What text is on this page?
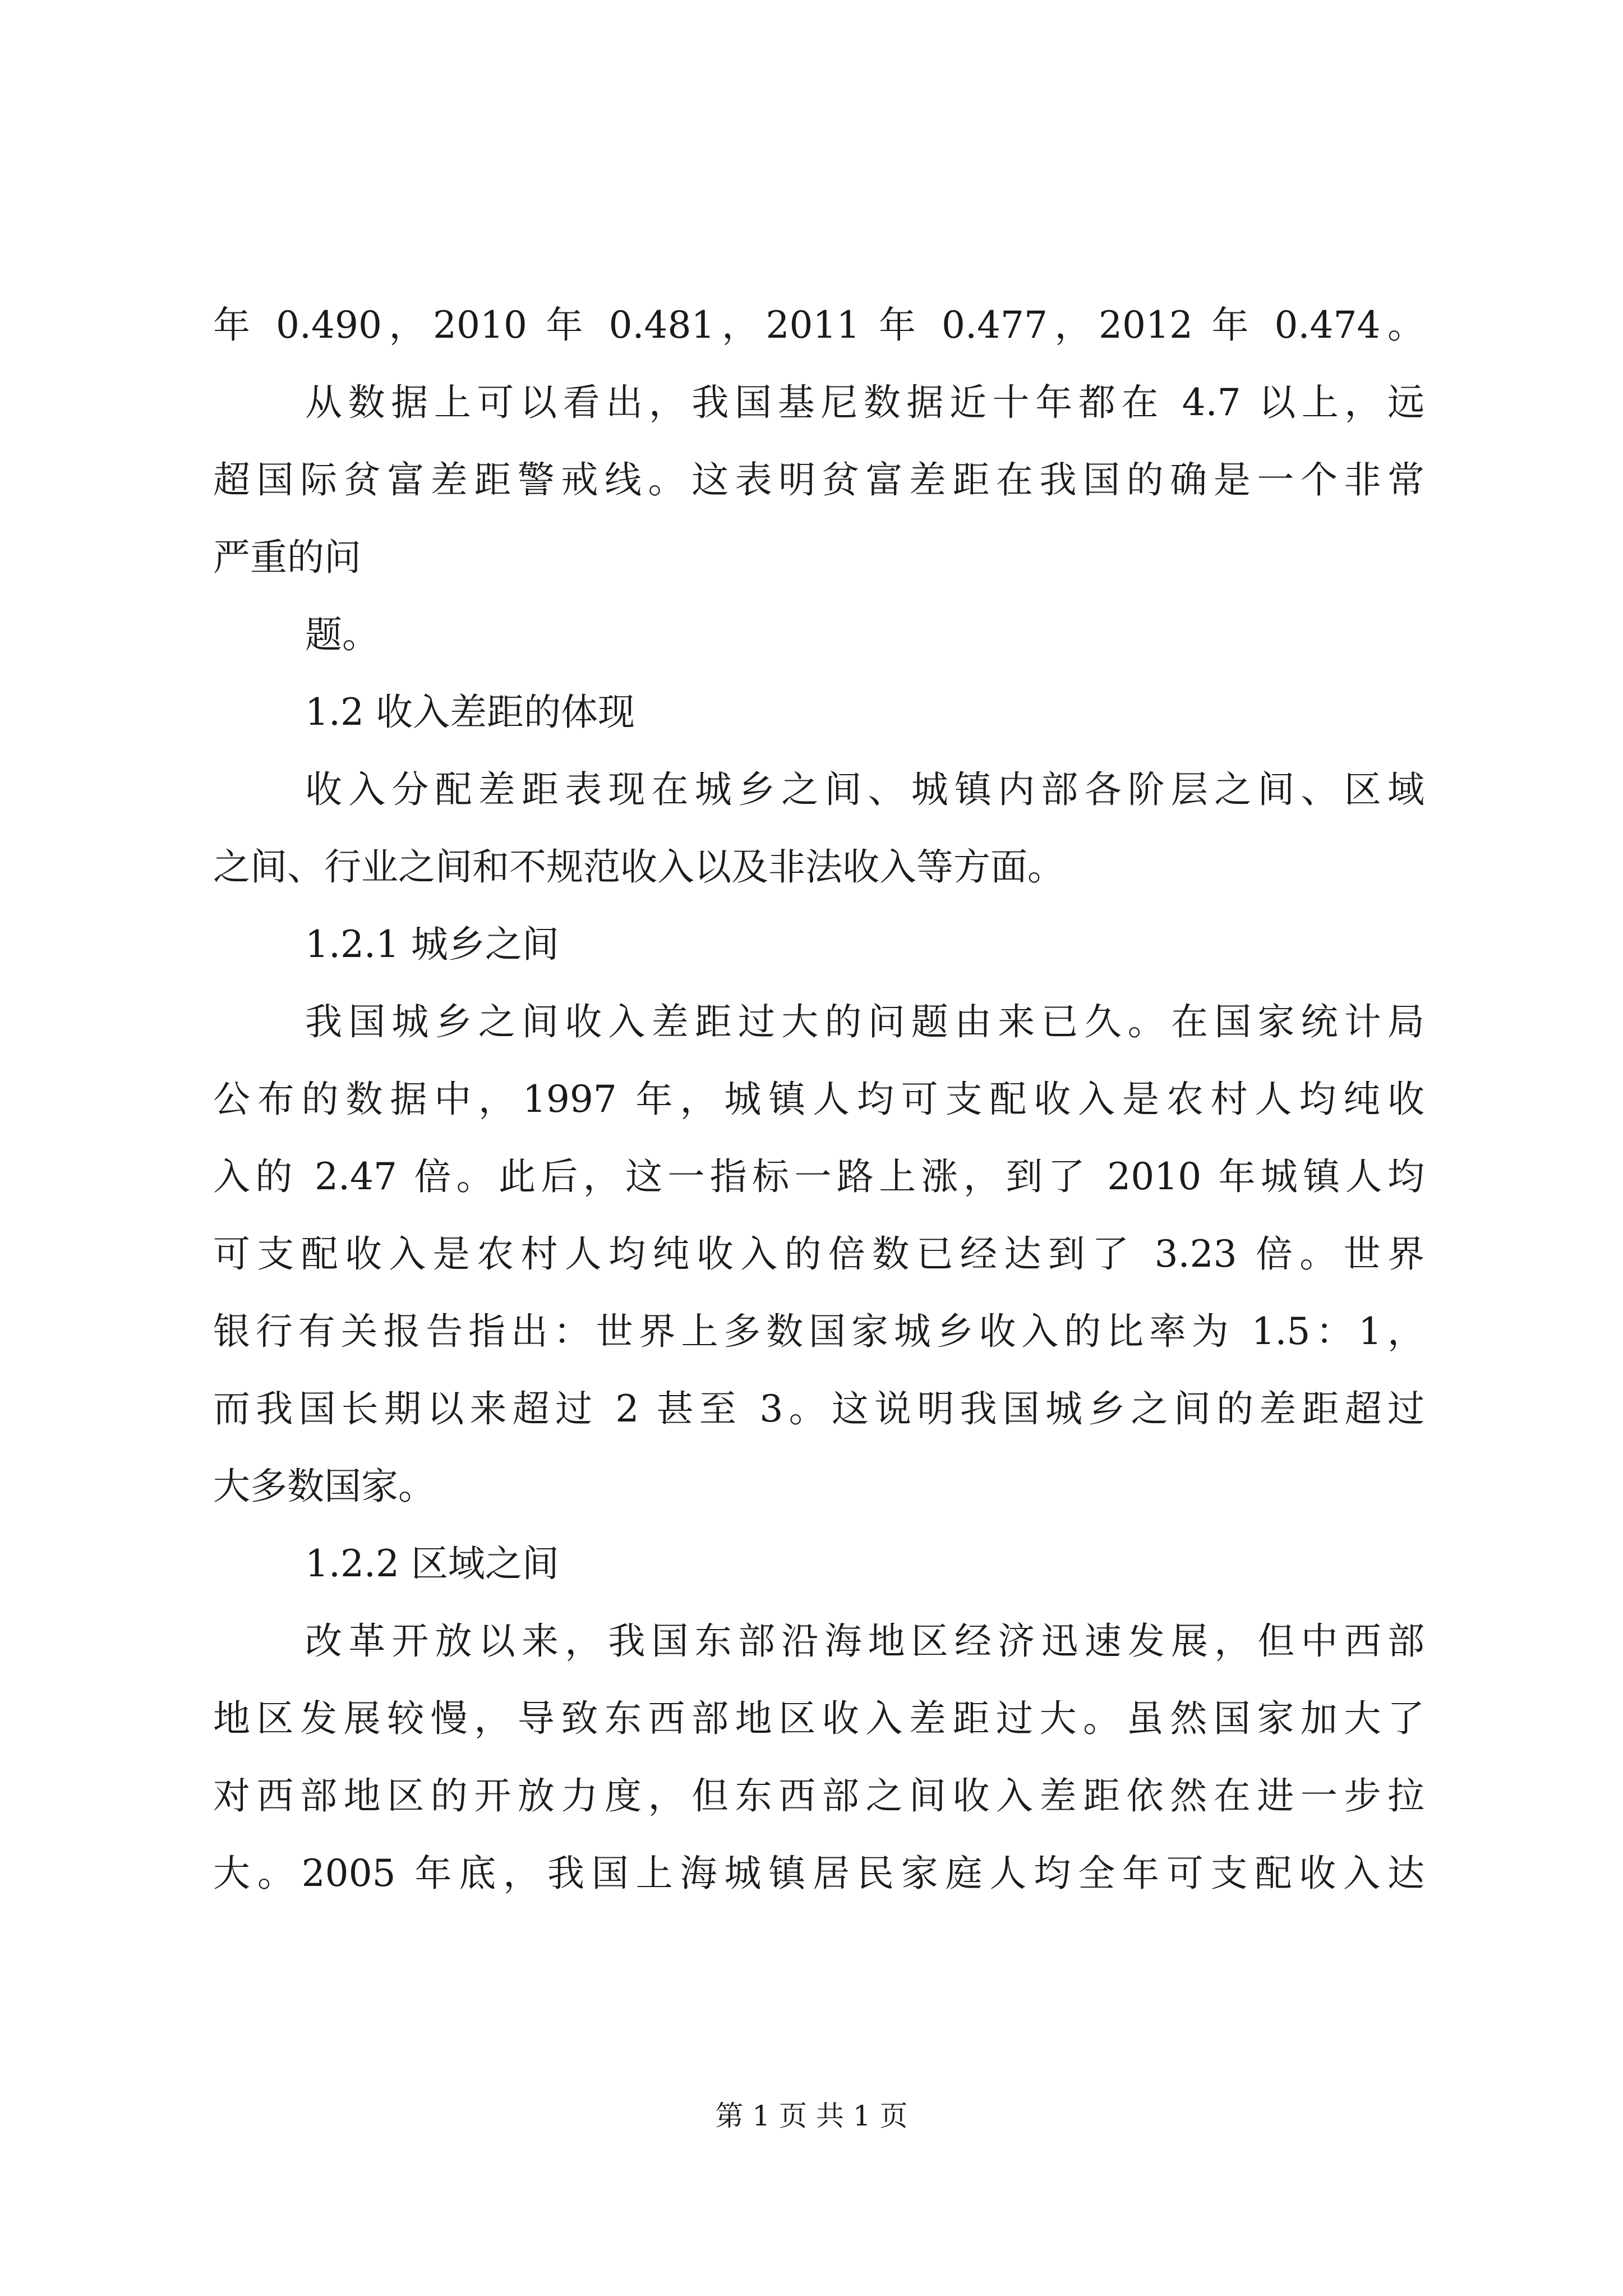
年 0.490，2010 年 0.481，2011 年 0.477，2012 年 0.474。
从数据上可以看出，我国基尼数据近十年都在 4.7 以上，远
超国际贫富差距警戒线。这表明贫富差距在我国的确是一个非常
严重的问
题。
1.2 收入差距的体现
收入分配差距表现在城乡之间、城镇内部各阶层之间、区域
之间、行业之间和不规范收入以及非法收入等方面。
1.2.1 城乡之间
我国城乡之间收入差距过大的问题由来已久。在国家统计局
公布的数据中，1997 年，城镇人均可支配收入是农村人均纯收
入的 2.47 倍。此后，这一指标一路上涨，到了 2010 年城镇人均
可支配收入是农村人均纯收入的倍数已经达到了 3.23 倍。世界
银行有关报告指出：世界上多数国家城乡收入的比率为 1.5：1，
而我国长期以来超过 2 甚至 3。这说明我国城乡之间的差距超过
大多数国家。
1.2.2 区域之间
改革开放以来，我国东部沿海地区经济迅速发展，但中西部
地区发展较慢，导致东西部地区收入差距过大。虽然国家加大了
对西部地区的开放力度，但东西部之间收入差距依然在进一步拉
大。2005 年底，我国上海城镇居民家庭人均全年可支配收入达
第 1 页 共 1 页
